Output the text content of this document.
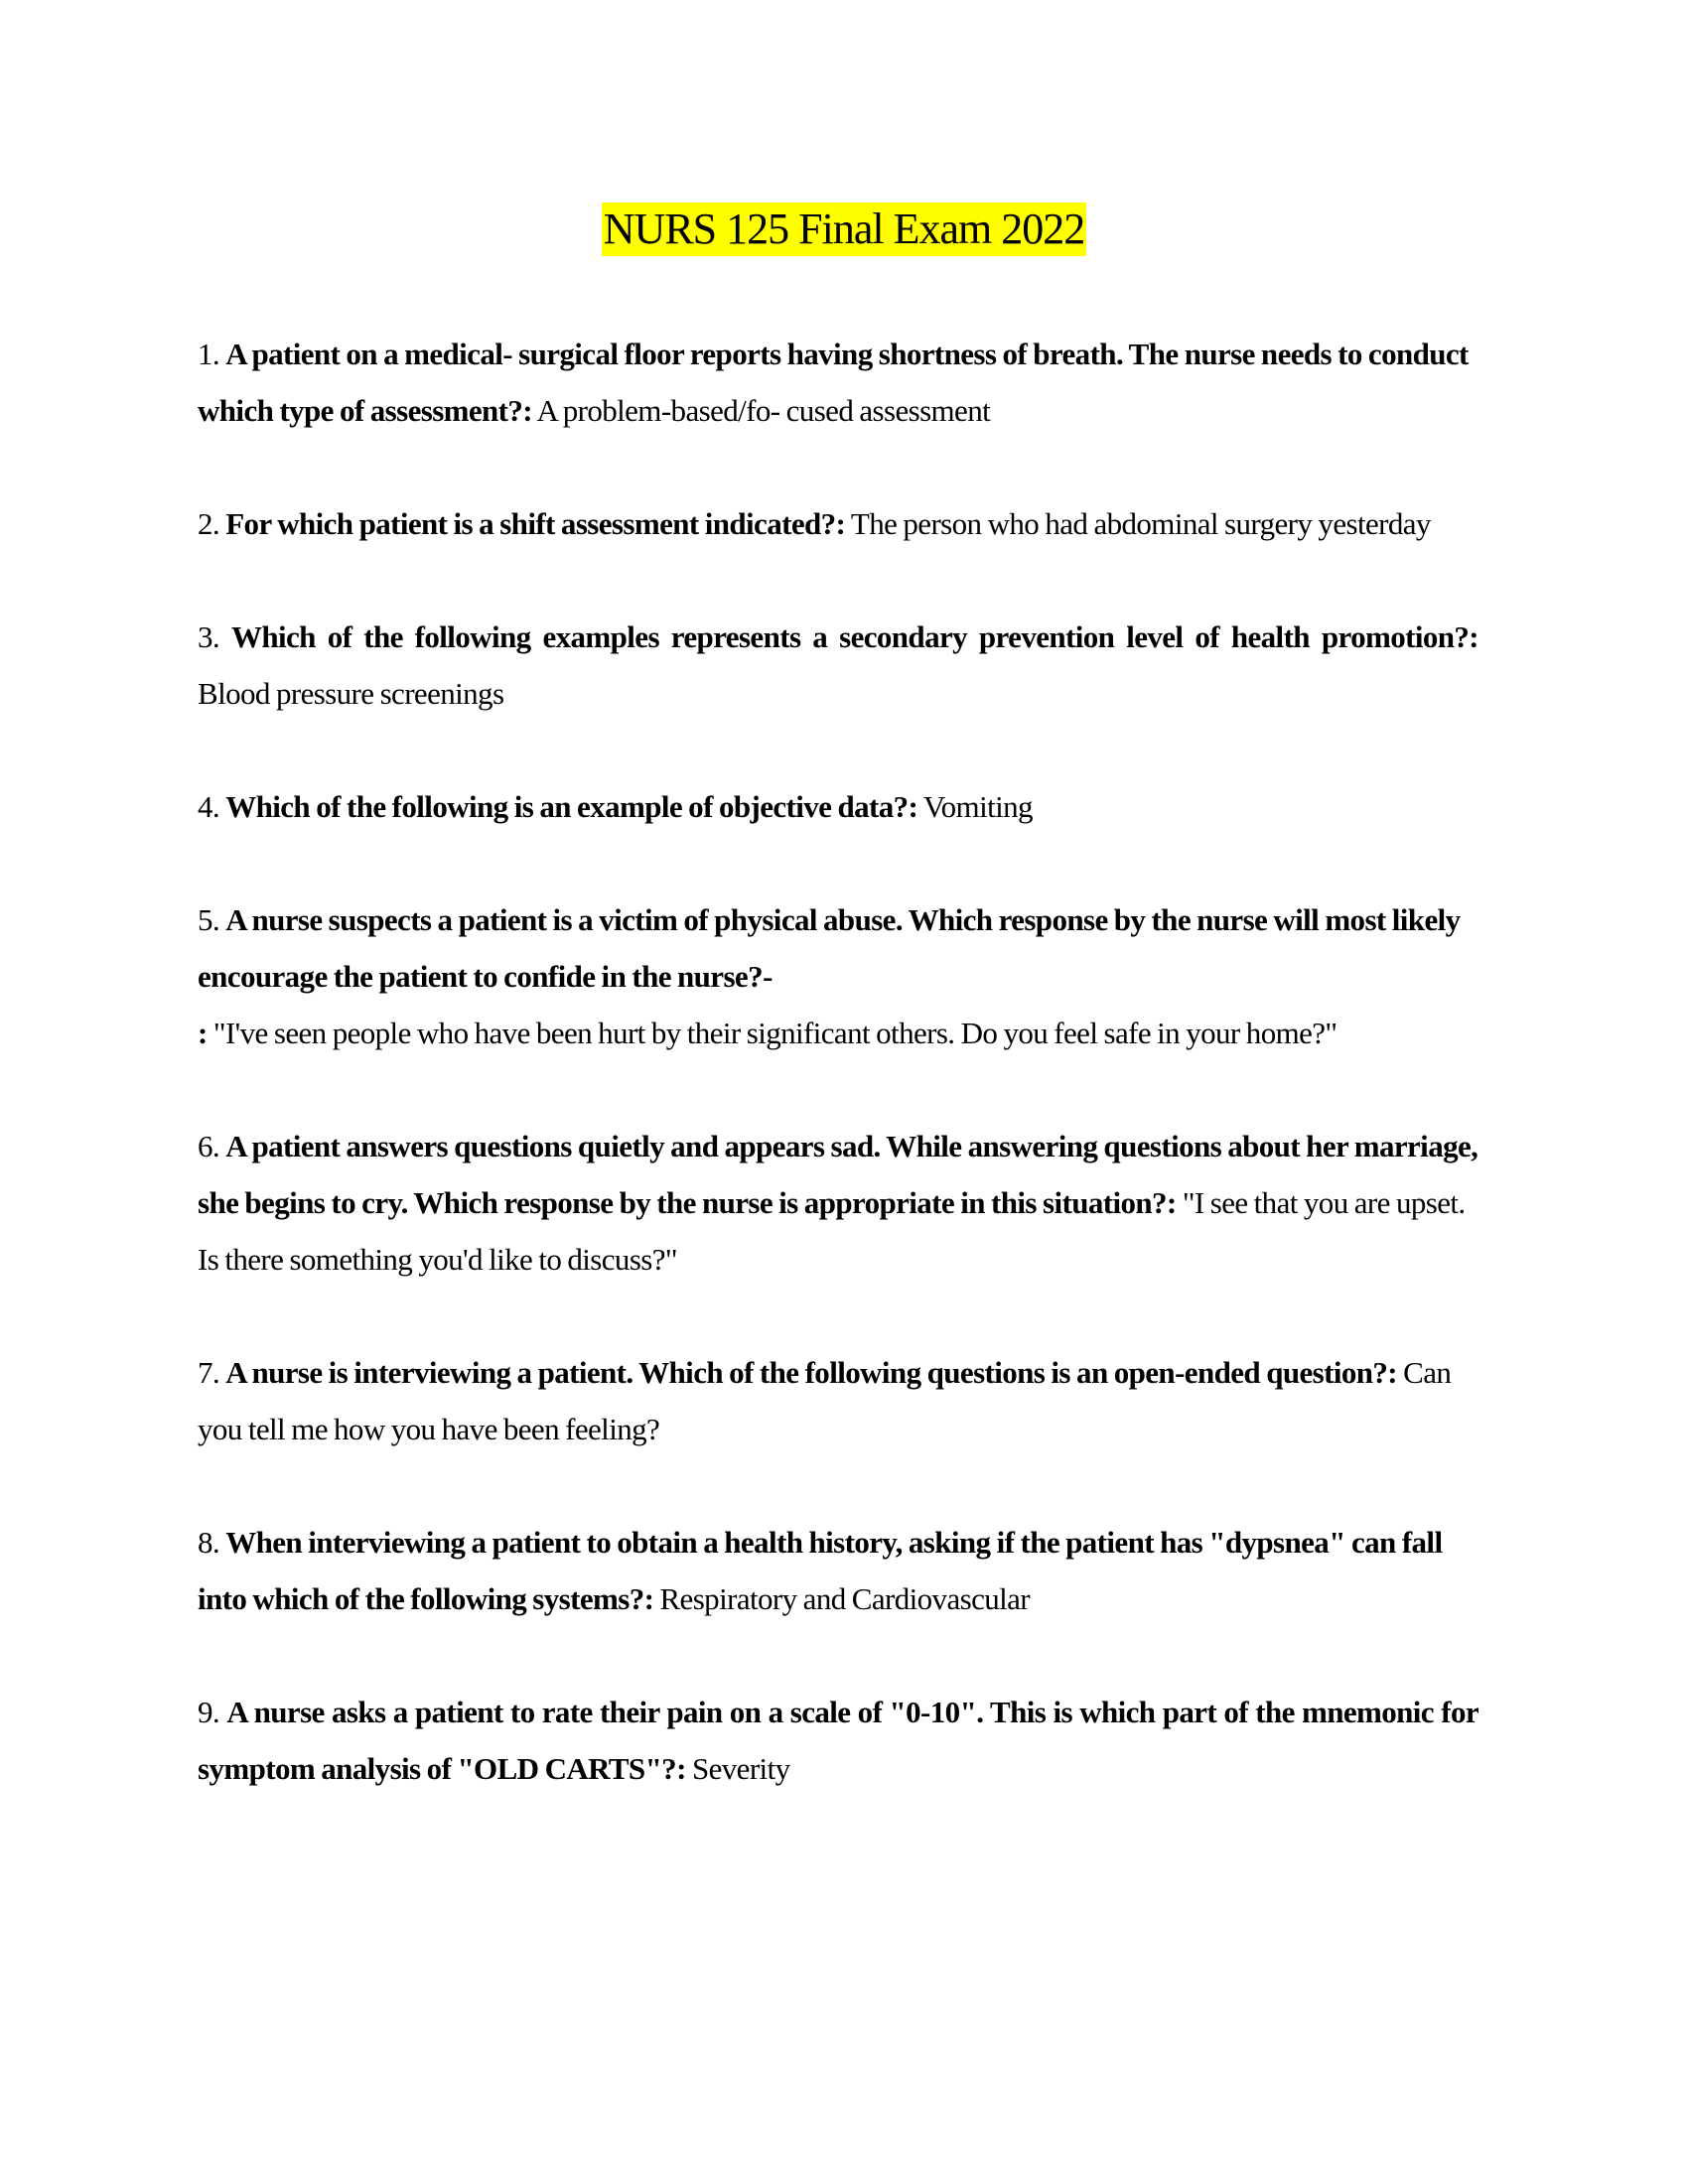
NURS 125 Final Exam 2022

1. A patient on a medical- surgical floor reports having shortness of breath. The nurse needs to conduct which type of assessment?: A problem-based/fo- cused assessment

2. For which patient is a shift assessment indicated?: The person who had abdominal surgery yesterday

3. Which of the following examples represents a secondary prevention level of health promotion?: Blood pressure screenings

4. Which of the following is an example of objective data?: Vomiting

5. A nurse suspects a patient is a victim of physical abuse. Which response by the nurse will most likely encourage the patient to confide in the nurse?-
: "I've seen people who have been hurt by their significant others. Do you feel safe in your home?"

6. A patient answers questions quietly and appears sad. While answering questions about her marriage, she begins to cry. Which response by the nurse is appropriate in this situation?: "I see that you are upset. Is there something you'd like to discuss?"

7. A nurse is interviewing a patient. Which of the following questions is an open-ended question?: Can you tell me how you have been feeling?

8. When interviewing a patient to obtain a health history, asking if the patient has "dypsnea" can fall into which of the following systems?: Respiratory and Cardiovascular

9. A nurse asks a patient to rate their pain on a scale of "0-10". This is which part of the mnemonic for symptom analysis of "OLD CARTS"?: Severity
